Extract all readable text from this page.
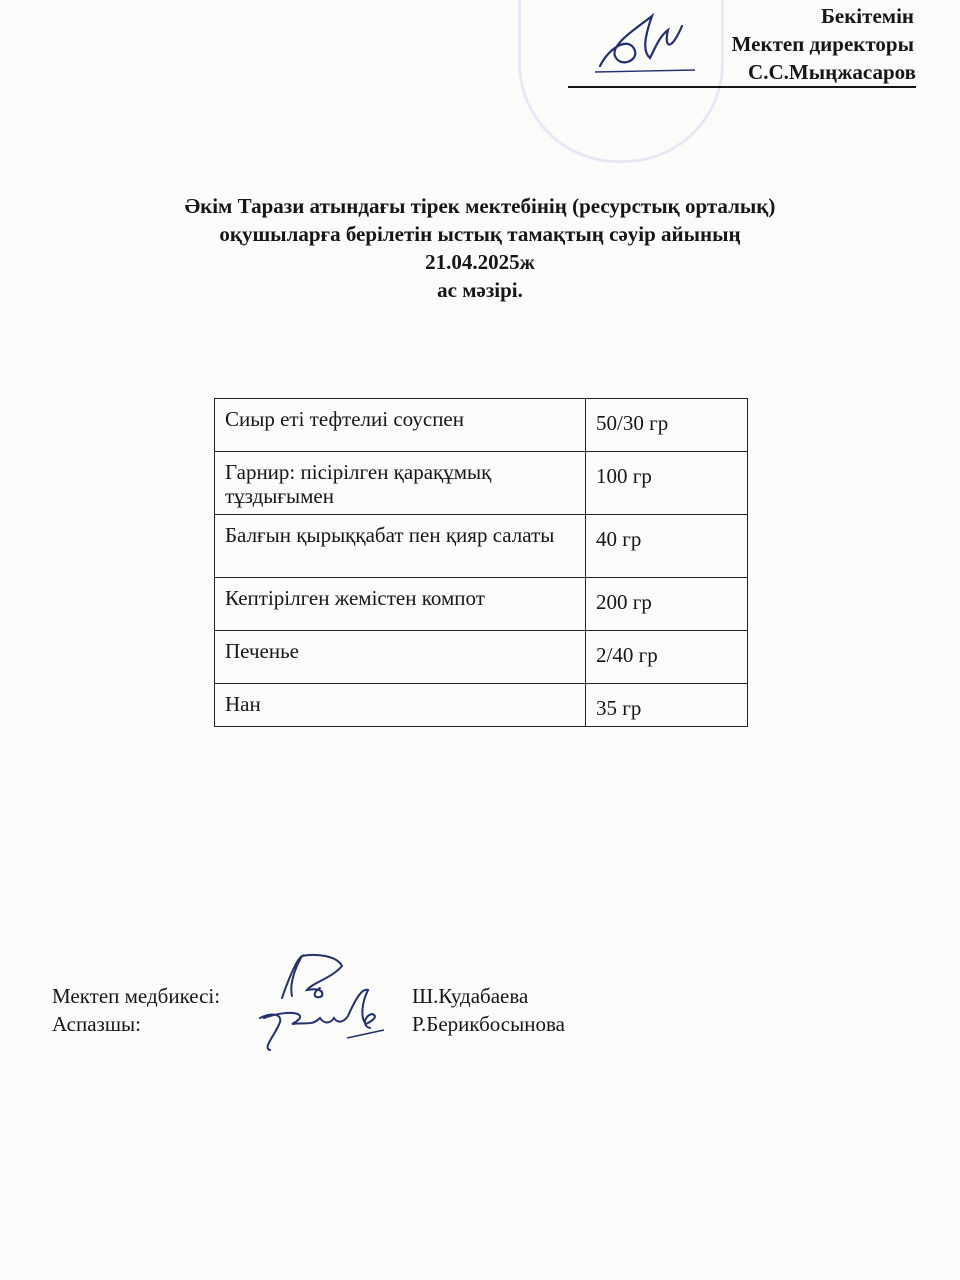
Бекітемін
Мектеп директоры
С.С.Мыңжасаров
Әкім Тарази атындағы тірек мектебінің (ресурстық орталық)
оқушыларға берілетін ыстық тамақтың сәуір айының
21.04.2025ж
ас мәзірі.
Сиыр еті тефтелиі соуспен	50/30 гр
Гарнир: пісірілген қарақұмық тұздығымен	100 гр
Балғын қырыққабат пен қияр салаты	40 гр
Кептірілген жемістен компот	200 гр
Печенье	2/40 гр
Нан	35 гр
Мектеп медбикесі:	Ш.Кудабаева
Аспазшы:	Р.Берикбосынова
